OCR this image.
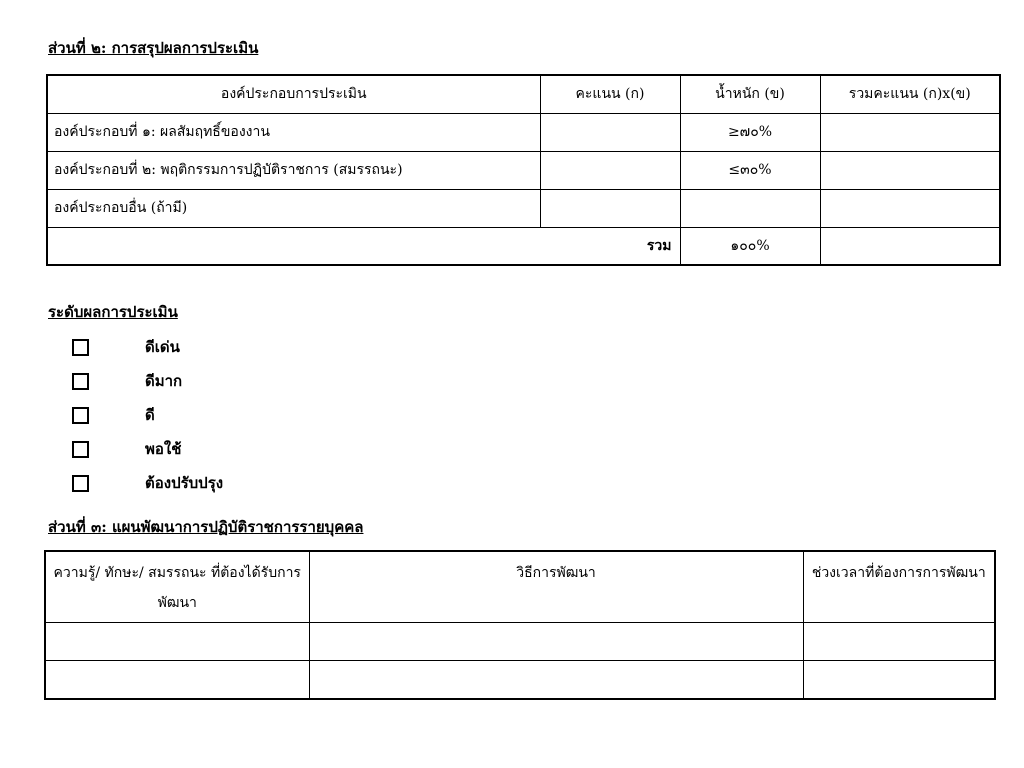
ส่วนที่ ๒: การสรุปผลการประเมิน
องค์ประกอบการประเมิน	คะแนน (ก)	น้ำหนัก (ข)	รวมคะแนน (ก)x(ข)
องค์ประกอบที่ ๑: ผลสัมฤทธิ์ของงาน		≥๗๐%	
องค์ประกอบที่ ๒: พฤติกรรมการปฏิบัติราชการ (สมรรถนะ)		≤๓๐%	
องค์ประกอบอื่น (ถ้ามี)			
รวม		๑๐๐%	
ระดับผลการประเมิน
ดีเด่น
ดีมาก
ดี
พอใช้
ต้องปรับปรุง
ส่วนที่ ๓: แผนพัฒนาการปฏิบัติราชการรายบุคคล
ความรู้/ ทักษะ/ สมรรถนะ ที่ต้องได้รับการพัฒนา	วิธีการพัฒนา	ช่วงเวลาที่ต้องการการพัฒนา
